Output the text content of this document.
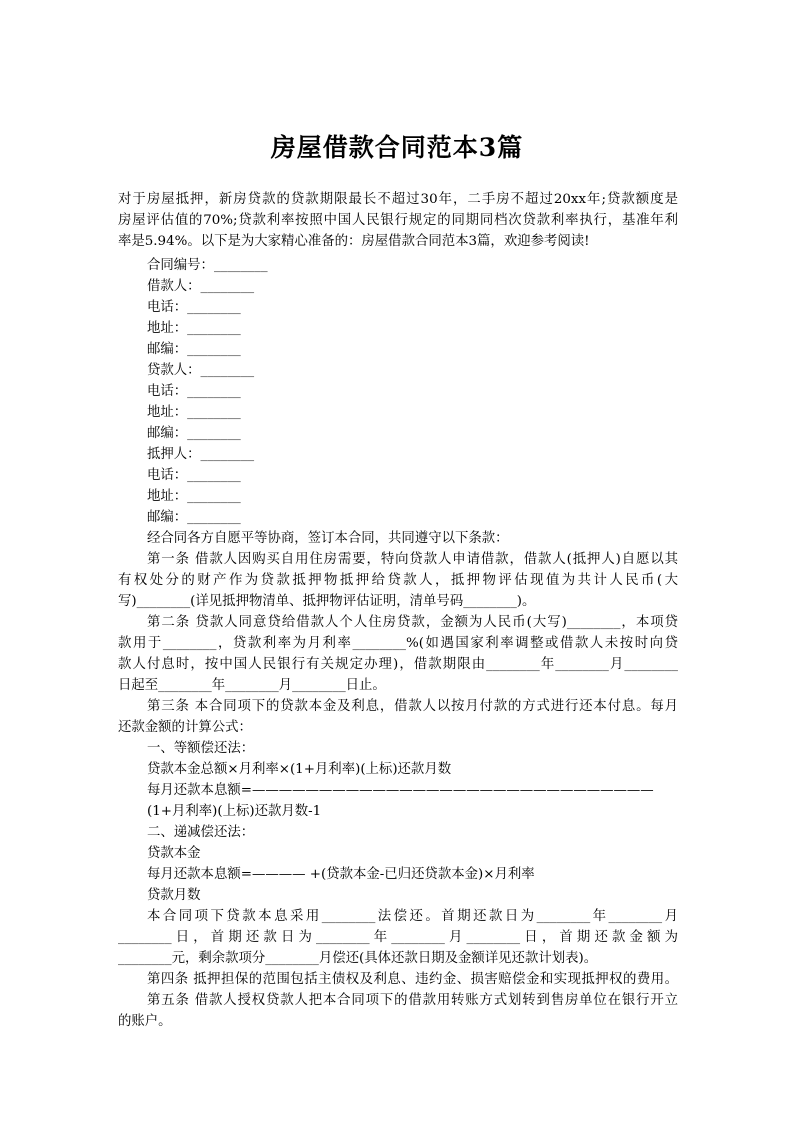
房屋借款合同范本3篇
对于房屋抵押，新房贷款的贷款期限最长不超过30年，二手房不超过20xx年;贷款额度是
房屋评估值的70%;贷款利率按照中国人民银行规定的同期同档次贷款利率执行，基准年利
率是5.94%。以下是为大家精心准备的：房屋借款合同范本3篇，欢迎参考阅读!
合同编号：________
借款人：________
电话：________
地址：________
邮编：________
贷款人：________
电话：________
地址：________
邮编：________
抵押人：________
电话：________
地址：________
邮编：________
经合同各方自愿平等协商，签订本合同，共同遵守以下条款：
第一条 借款人因购买自用住房需要，特向贷款人申请借款，借款人(抵押人)自愿以其
有权处分的财产作为贷款抵押物抵押给贷款人，抵押物评估现值为共计人民币(大
写)________(详见抵押物清单、抵押物评估证明，清单号码________)。
第二条 贷款人同意贷给借款人个人住房贷款，金额为人民币(大写)________，本项贷
款用于________，贷款利率为月利率________%(如遇国家利率调整或借款人未按时向贷
款人付息时，按中国人民银行有关规定办理)，借款期限由________年________月________
日起至________年________月________日止。
第三条 本合同项下的贷款本金及利息，借款人以按月付款的方式进行还本付息。每月
还款金额的计算公式：
一、等额偿还法：
贷款本金总额×月利率×(1+月利率)(上标)还款月数
每月还款本息额=——————————————————————————————
(1+月利率)(上标)还款月数-1
二、递减偿还法：
贷款本金
每月还款本息额=———— +(贷款本金-已归还贷款本金)×月利率
贷款月数
本合同项下贷款本息采用________法偿还。首期还款日为________年________月
________日，首期还款日为________年________月________日，首期还款金额为
________元，剩余款项分________月偿还(具体还款日期及金额详见还款计划表)。
第四条 抵押担保的范围包括主债权及利息、违约金、损害赔偿金和实现抵押权的费用。
第五条 借款人授权贷款人把本合同项下的借款用转账方式划转到售房单位在银行开立
的账户。
